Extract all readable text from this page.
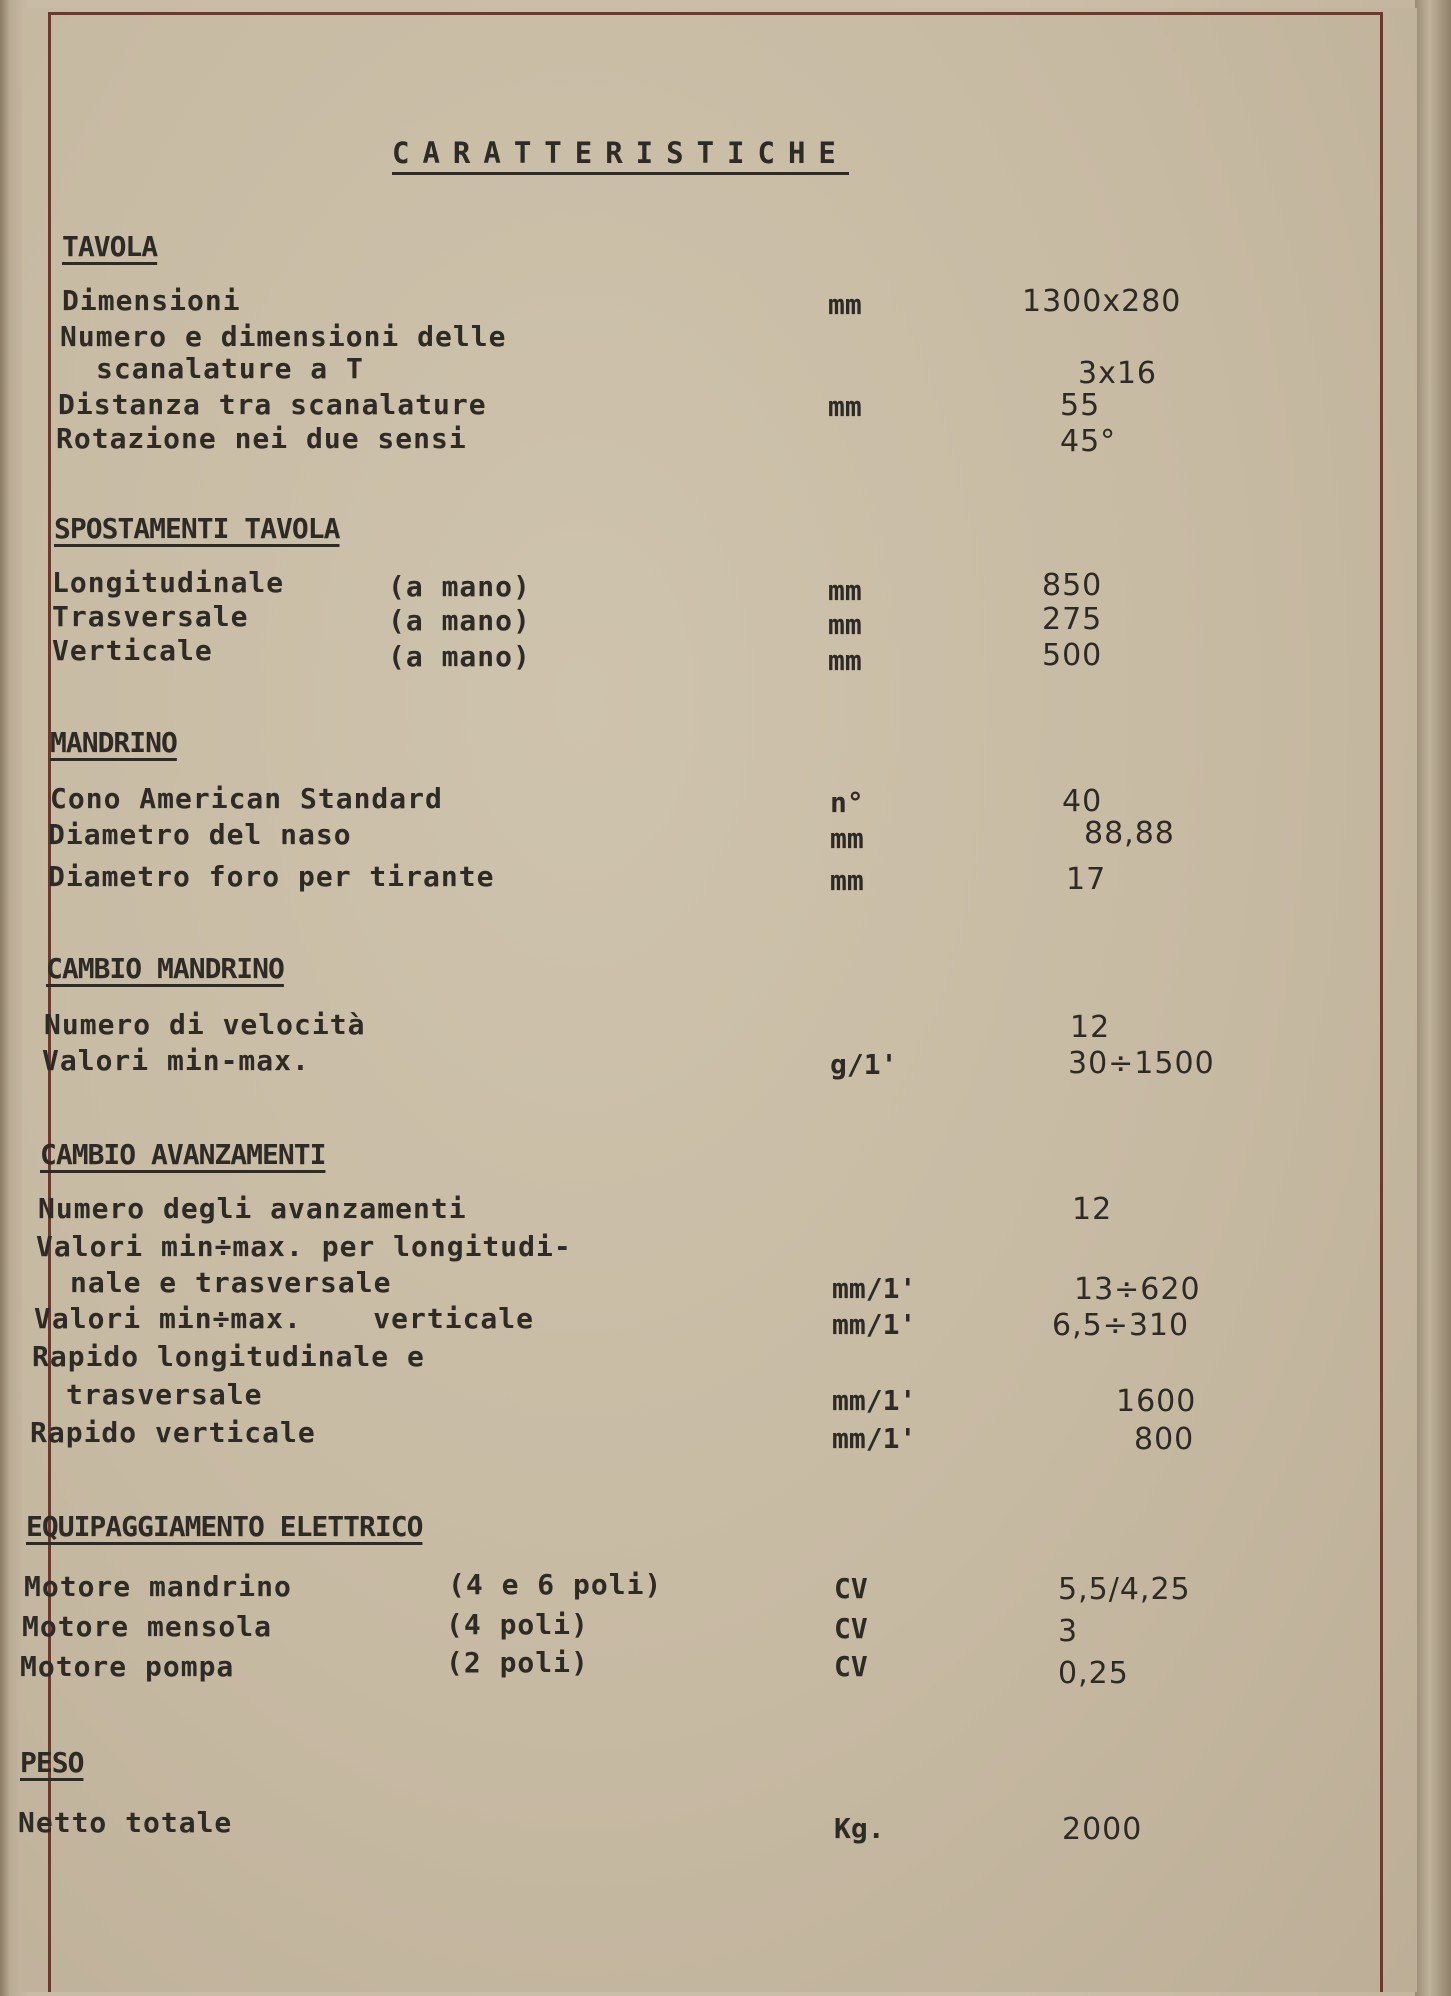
CARATTERISTICHE
TAVOLA
Dimensioni	mm	1300x280
Numero e dimensioni delle
scanalature a T	3x16
Distanza tra scanalature	mm	55
Rotazione nei due sensi	45°
SPOSTAMENTI TAVOLA
Longitudinale	(a mano)	mm	850
Trasversale	(a mano)	mm	275
Verticale	(a mano)	mm	500
MANDRINO
Cono American Standard	n°	40
Diametro del naso	mm	88,88
Diametro foro per tirante	mm	17
CAMBIO MANDRINO
Numero di velocità	12
Valori min-max.	g/1'	30÷1500
CAMBIO AVANZAMENTI
Numero degli avanzamenti	12
Valori min÷max. per longitudi-
nale e trasversale	mm/1'	13÷620
Valori min÷max.    verticale	mm/1'	6,5÷310
Rapido longitudinale e
trasversale	mm/1'	1600
Rapido verticale	mm/1'	800
EQUIPAGGIAMENTO ELETTRICO
Motore mandrino	(4 e 6 poli)	CV	5,5/4,25
Motore mensola	(4 poli)	CV	3
Motore pompa	(2 poli)	CV	0,25
PESO
Netto totale	Kg.	2000
